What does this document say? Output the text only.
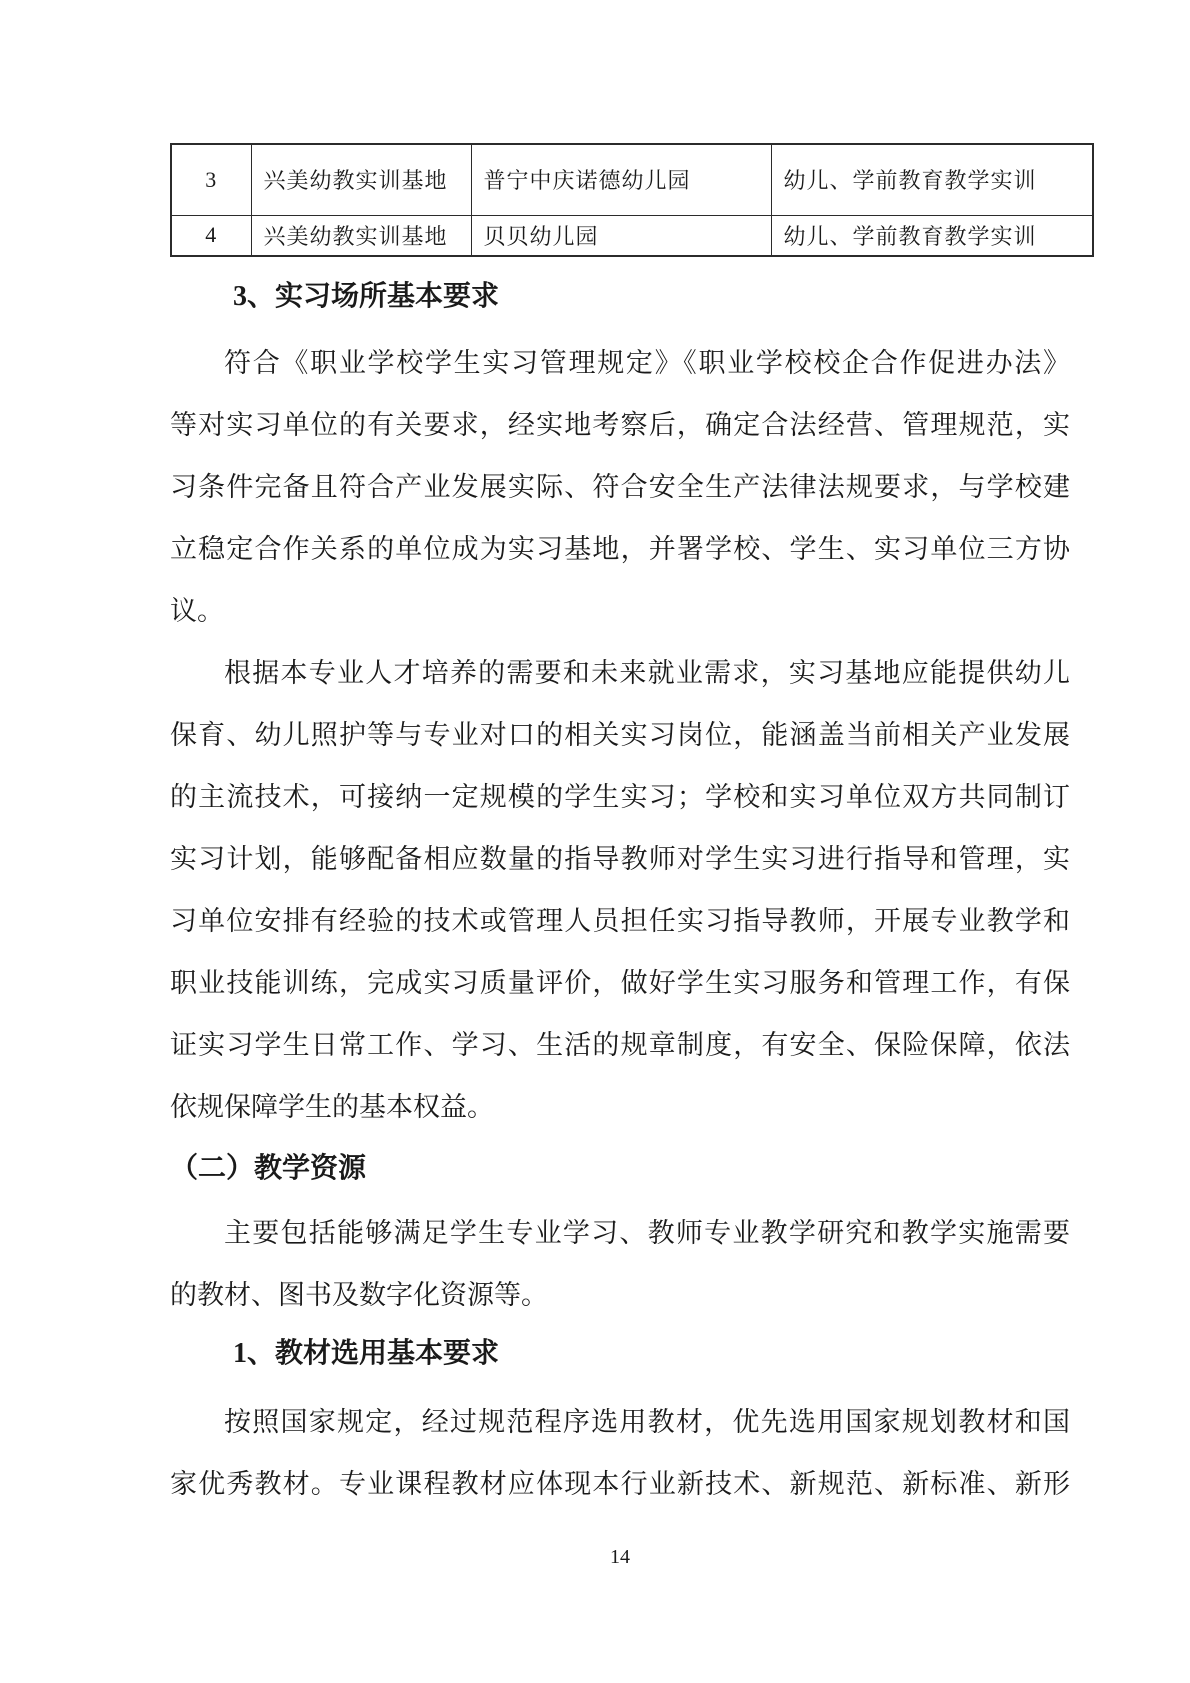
3	兴美幼教实训基地	普宁中庆诺德幼儿园	幼儿、学前教育教学实训
4	兴美幼教实训基地	贝贝幼儿园	幼儿、学前教育教学实训
3、实习场所基本要求
符合《职业学校学生实习管理规定》《职业学校校企合作促进办法》
等对实习单位的有关要求，经实地考察后，确定合法经营、管理规范，实
习条件完备且符合产业发展实际、符合安全生产法律法规要求，与学校建
立稳定合作关系的单位成为实习基地，并署学校、学生、实习单位三方协
议。
根据本专业人才培养的需要和未来就业需求，实习基地应能提供幼儿
保育、幼儿照护等与专业对口的相关实习岗位，能涵盖当前相关产业发展
的主流技术，可接纳一定规模的学生实习；学校和实习单位双方共同制订
实习计划，能够配备相应数量的指导教师对学生实习进行指导和管理，实
习单位安排有经验的技术或管理人员担任实习指导教师，开展专业教学和
职业技能训练，完成实习质量评价，做好学生实习服务和管理工作，有保
证实习学生日常工作、学习、生活的规章制度，有安全、保险保障，依法
依规保障学生的基本权益。
（二）教学资源
主要包括能够满足学生专业学习、教师专业教学研究和教学实施需要
的教材、图书及数字化资源等。
1、教材选用基本要求
按照国家规定，经过规范程序选用教材，优先选用国家规划教材和国
家优秀教材。专业课程教材应体现本行业新技术、新规范、新标准、新形
14
